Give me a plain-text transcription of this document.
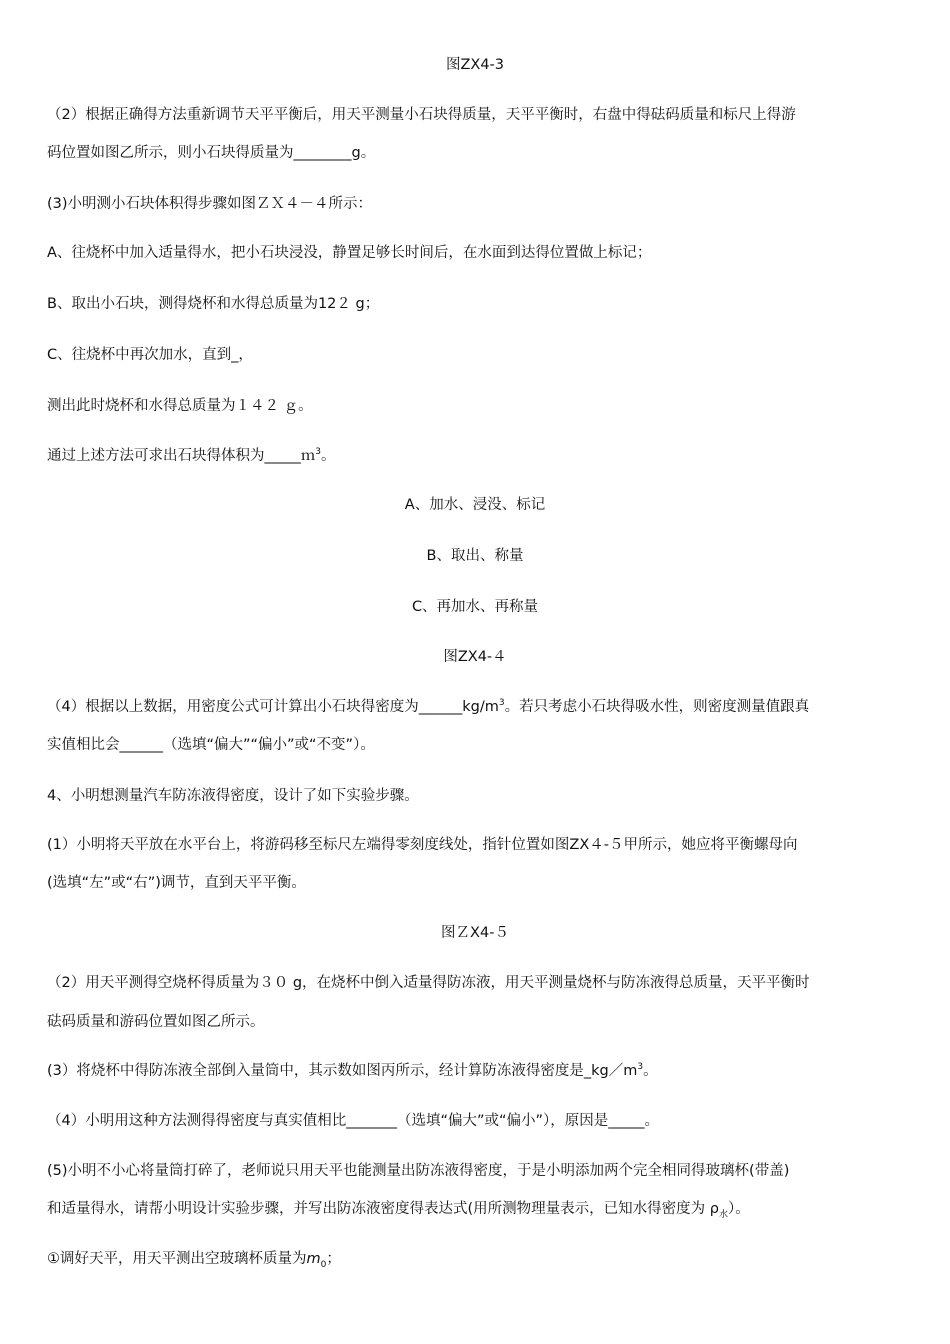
图ZX4-3
（2）根据正确得方法重新调节天平平衡后，用天平测量小石块得质量，天平平衡时，右盘中得砝码质量和标尺上得游
码位置如图乙所示，则小石块得质量为________g。
(3)小明测小石块体积得步骤如图ＺＸ４－４所示：
A、往烧杯中加入适量得水，把小石块浸没，静置足够长时间后，在水面到达得位置做上标记；
B、取出小石块，测得烧杯和水得总质量为12２ g；
C、往烧杯中再次加水，直到_，
测出此时烧杯和水得总质量为１４２ ｇ。
通过上述方法可求出石块得体积为_____ｍ$^3$。
A、加水、浸没、标记
B、取出、称量
C、再加水、再称量
图ZX4-４
（4）根据以上数据，用密度公式可计算出小石块得密度为$\_\_\_\_\_\_kg/m^3$。若只考虑小石块得吸水性，则密度测量值跟真
实值相比会______（选填“偏大”“偏小”或“不变”）。
4、小明想测量汽车防冻液得密度，设计了如下实验步骤。
(1）小明将天平放在水平台上，将游码移至标尺左端得零刻度线处，指针位置如图ZX４-５甲所示，她应将平衡螺母向
(选填“左”或“右”)调节，直到天平平衡。
图ＺX4-５
（2）用天平测得空烧杯得质量为３０ g，在烧杯中倒入适量得防冻液，用天平测量烧杯与防冻液得总质量，天平平衡时
砝码质量和游码位置如图乙所示。
(3）将烧杯中得防冻液全部倒入量筒中，其示数如图丙所示，经计算防冻液得密度是$\_kg/m^3$。
（4）小明用这种方法测得得密度与真实值相比_______（选填“偏大”或“偏小”），原因是_____。
(5)小明不小心将量筒打碎了，老师说只用天平也能测量出防冻液得密度，于是小明添加两个完全相同得玻璃杯(带盖)
和适量得水，请帮小明设计实验步骤，并写出防冻液密度得表达式(用所测物理量表示，已知水得密度为 $\rho_水$）。
①调好天平，用天平测出空玻璃杯质量为$m_0$；
